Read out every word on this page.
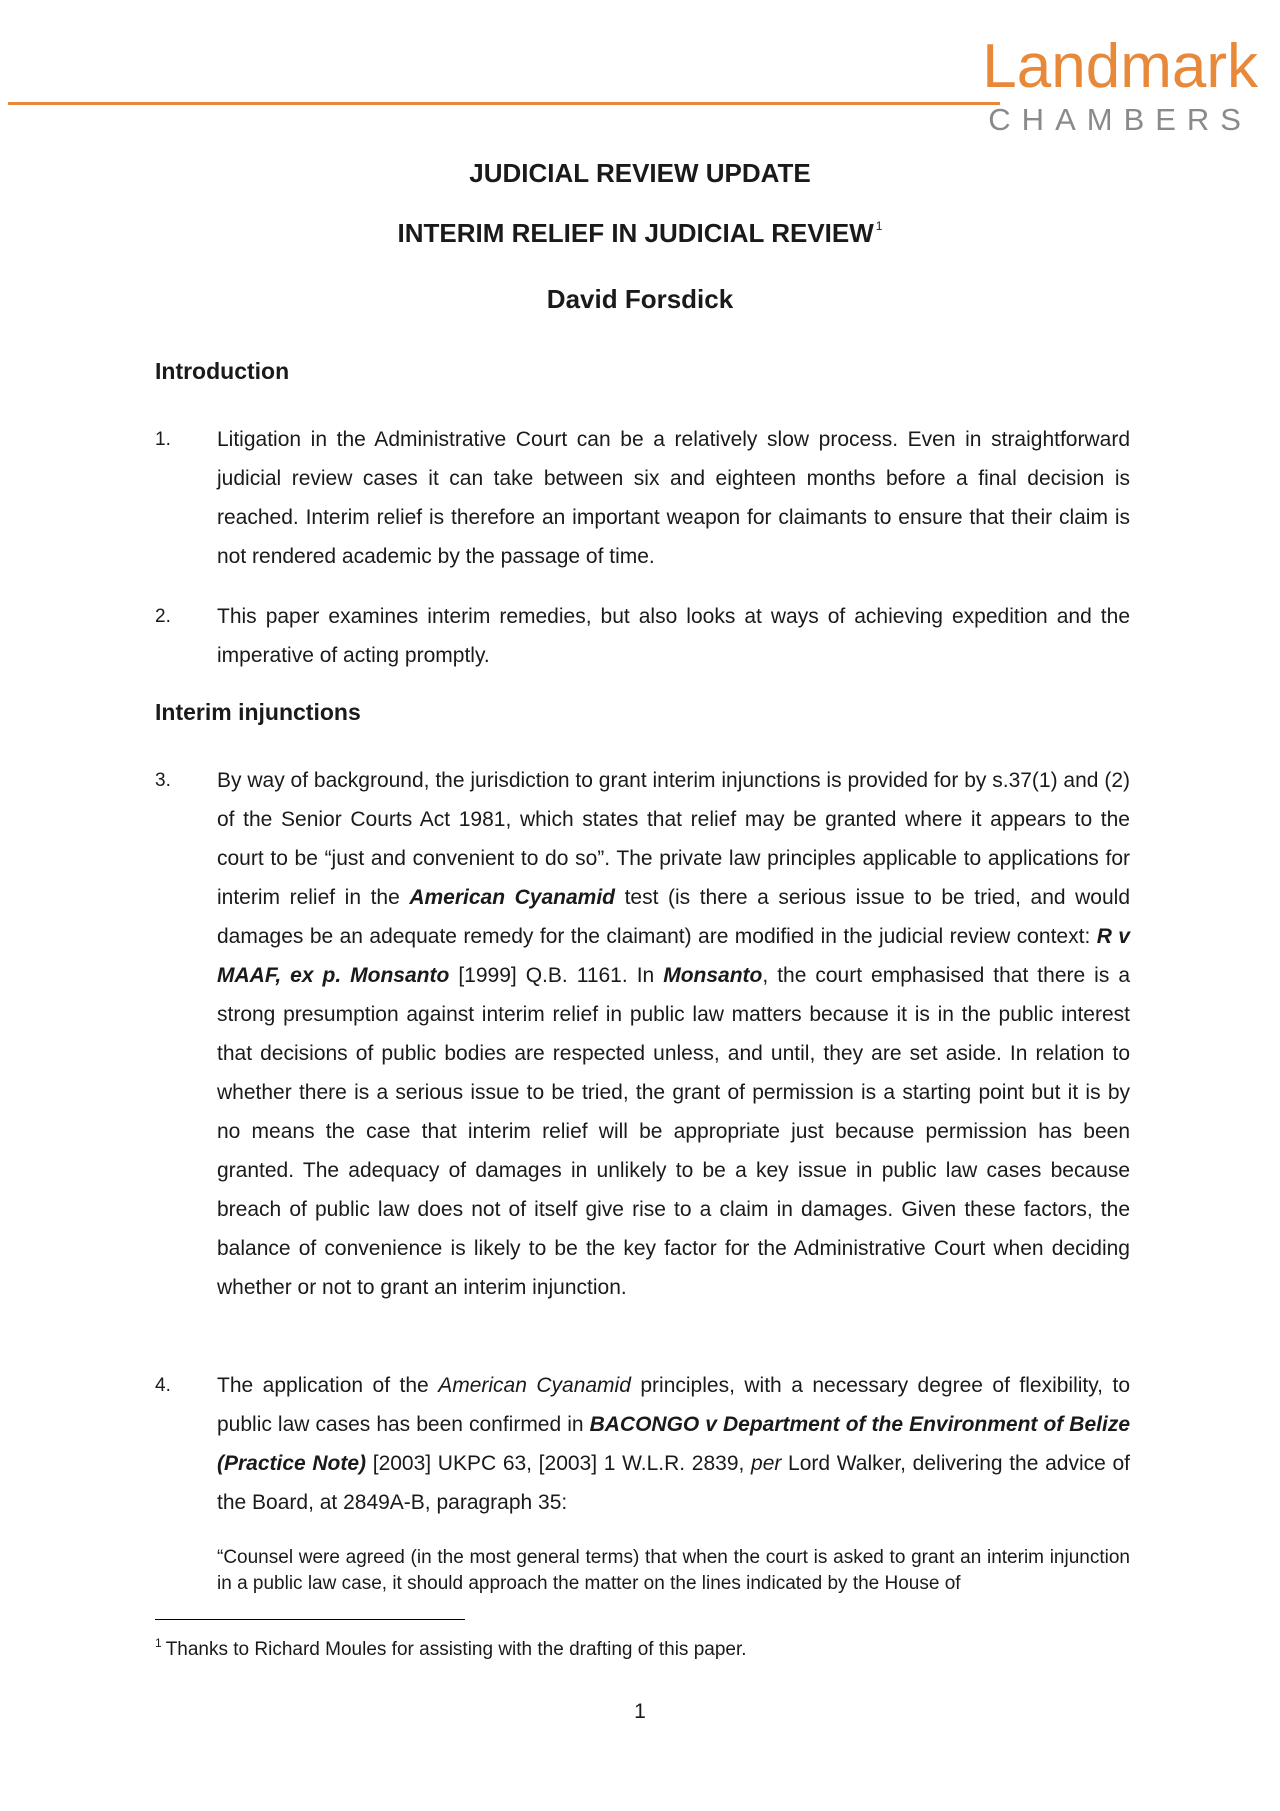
Landmark
CHAMBERS
JUDICIAL REVIEW UPDATE
INTERIM RELIEF IN JUDICIAL REVIEW $^1$
David Forsdick
Introduction
1. Litigation in the Administrative Court can be a relatively slow process. Even in straightforward judicial review cases it can take between six and eighteen months before a final decision is reached. Interim relief is therefore an important weapon for claimants to ensure that their claim is not rendered academic by the passage of time.

2. This paper examines interim remedies, but also looks at ways of achieving expedition and the imperative of acting promptly.

Interim injunctions
3. By way of background, the jurisdiction to grant interim injunctions is provided for by s.37(1) and (2) of the Senior Courts Act 1981, which states that relief may be granted where it appears to the court to be “just and convenient to do so”. The private law principles applicable to applications for interim relief in the American Cyanamid test (is there a serious issue to be tried, and would damages be an adequate remedy for the claimant) are modified in the judicial review context: R v MAAF, ex p. Monsanto [1999] Q.B. 1161. In Monsanto, the court emphasised that there is a strong presumption against interim relief in public law matters because it is in the public interest that decisions of public bodies are respected unless, and until, they are set aside. In relation to whether there is a serious issue to be tried, the grant of permission is a starting point but it is by no means the case that interim relief will be appropriate just because permission has been granted. The adequacy of damages in unlikely to be a key issue in public law cases because breach of public law does not of itself give rise to a claim in damages. Given these factors, the balance of convenience is likely to be the key factor for the Administrative Court when deciding whether or not to grant an interim injunction.

4. The application of the American Cyanamid principles, with a necessary degree of flexibility, to public law cases has been confirmed in BACONGO v Department of the Environment of Belize (Practice Note) [2003] UKPC 63, [2003] 1 W.L.R. 2839, per Lord Walker, delivering the advice of the Board, at 2849A-B, paragraph 35:

“Counsel were agreed (in the most general terms) that when the court is asked to grant an interim injunction in a public law case, it should approach the matter on the lines indicated by the House of

$^1$ Thanks to Richard Moules for assisting with the drafting of this paper.
1
